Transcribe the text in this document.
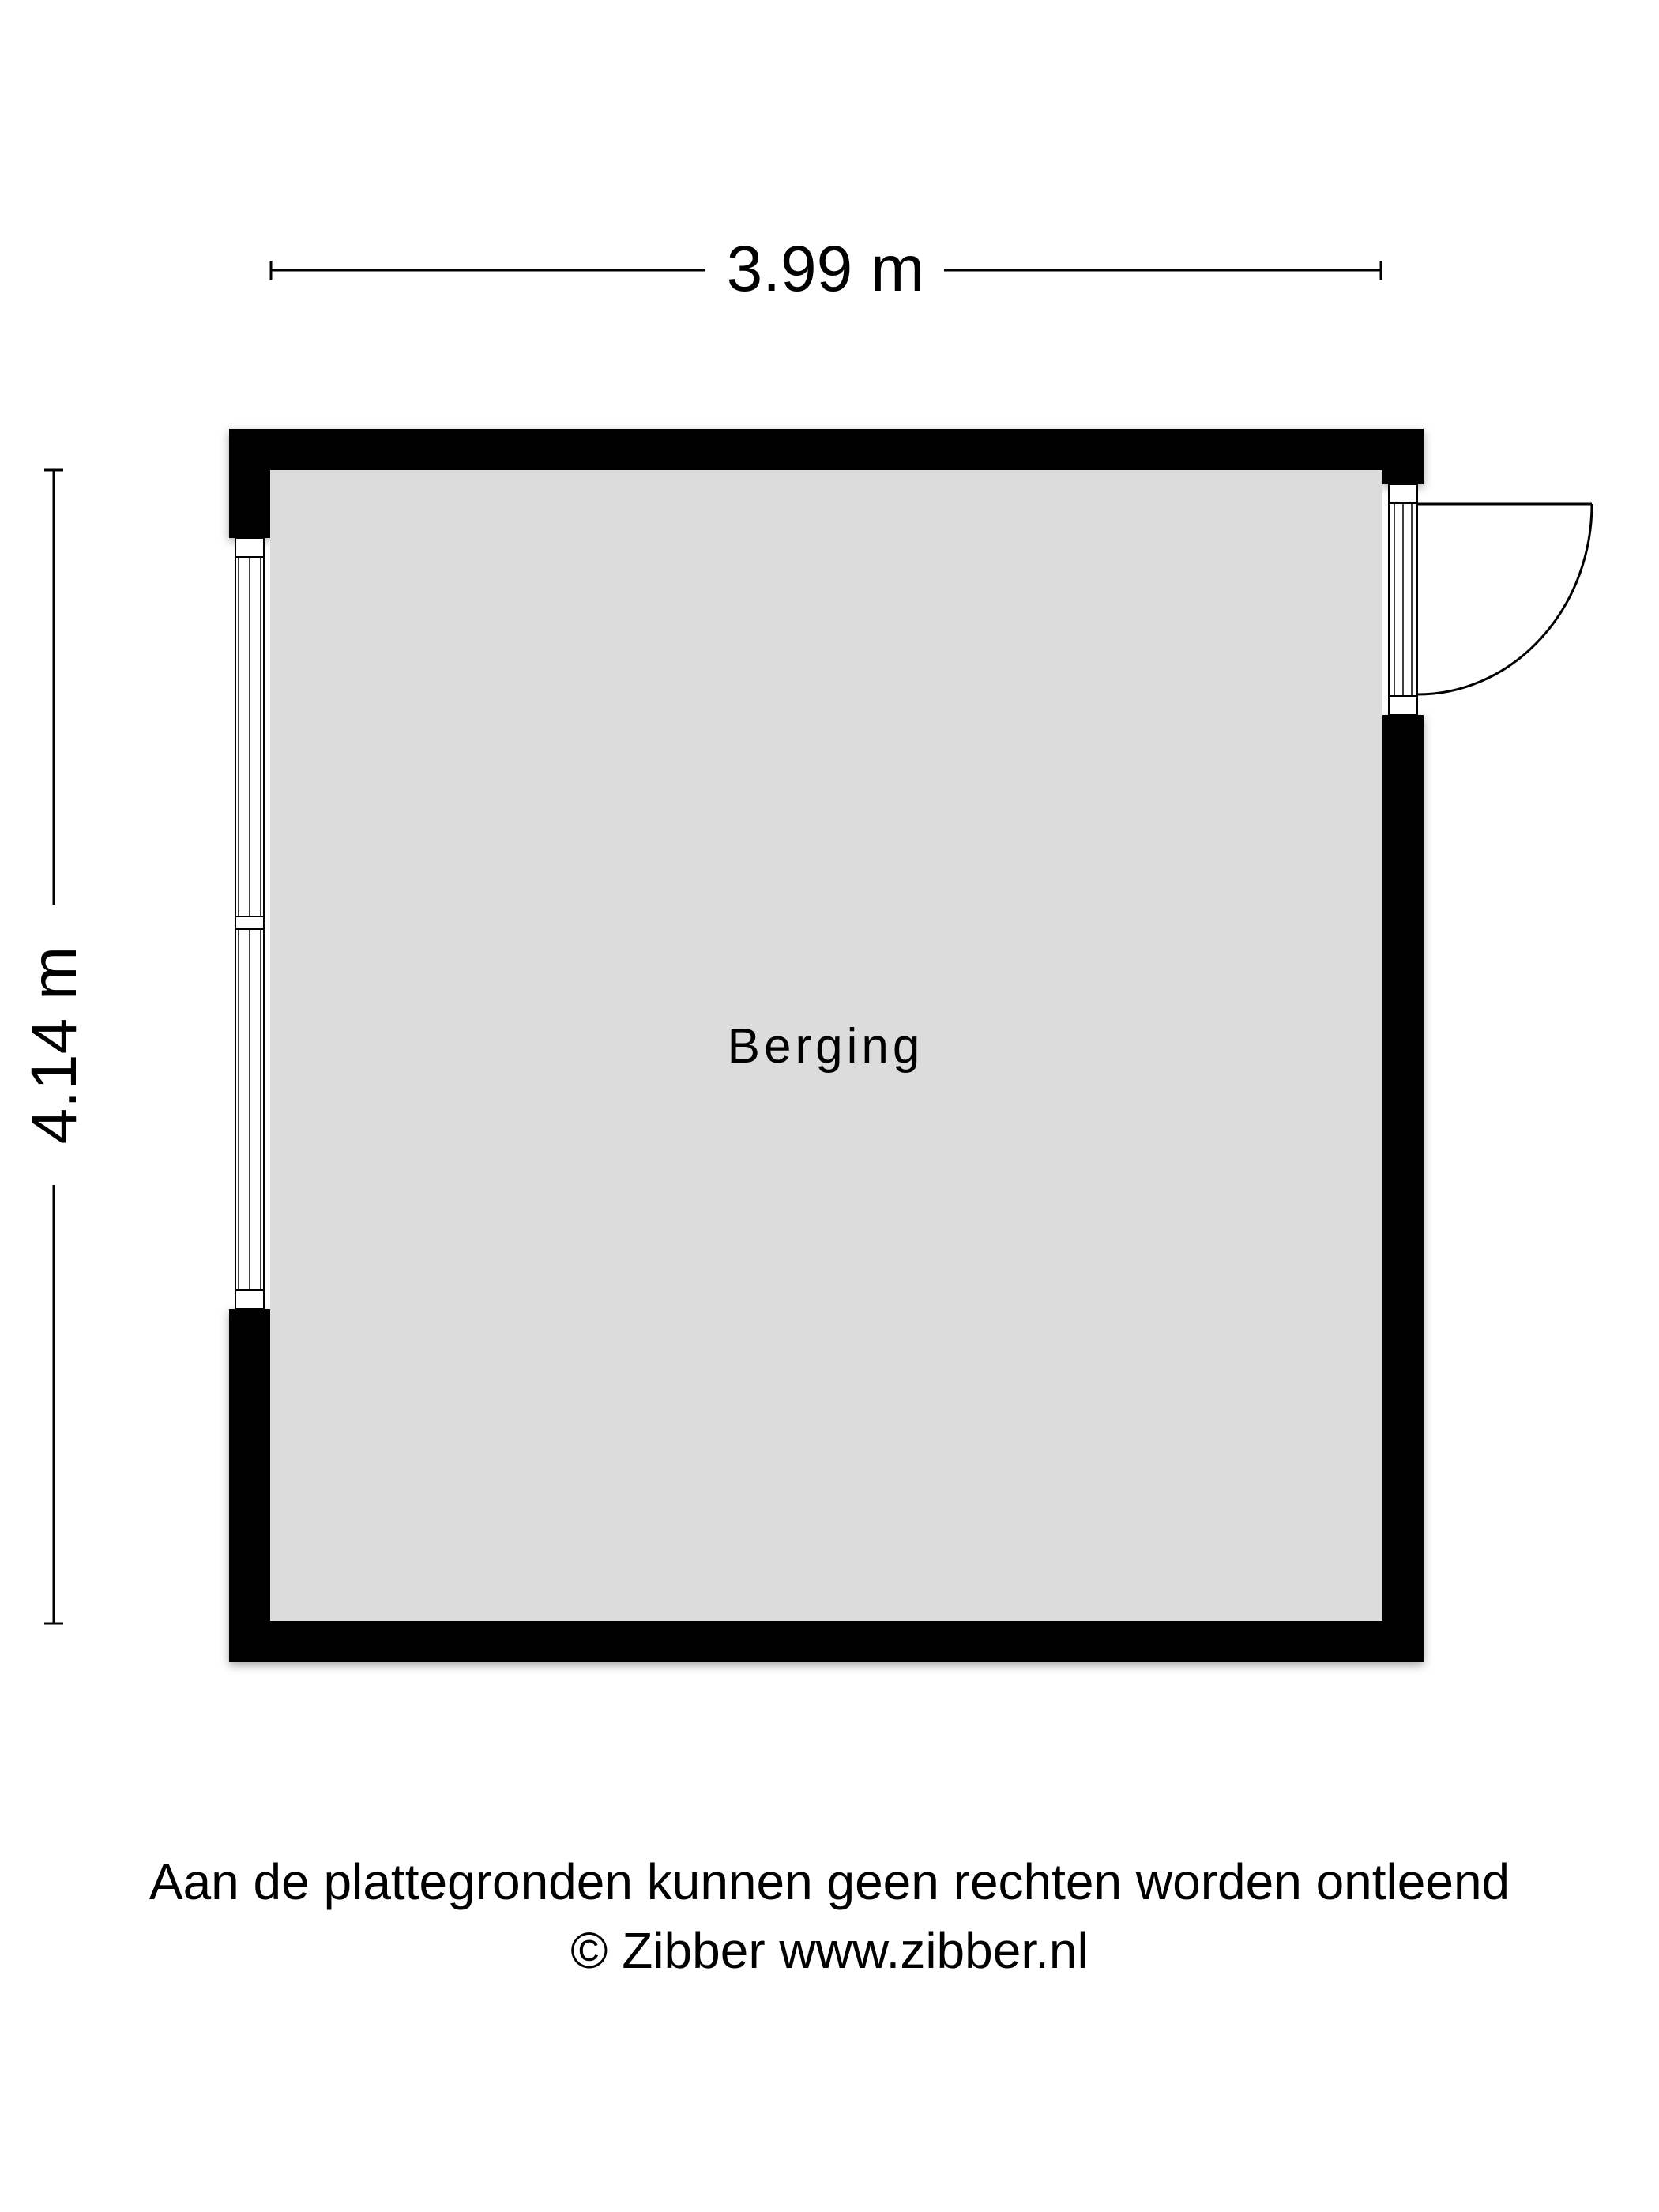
3.99 m
4.14 m	Berging
Aan de plattegronden kunnen geen rechten worden ontleend
© Zibber www.zibber.nl
